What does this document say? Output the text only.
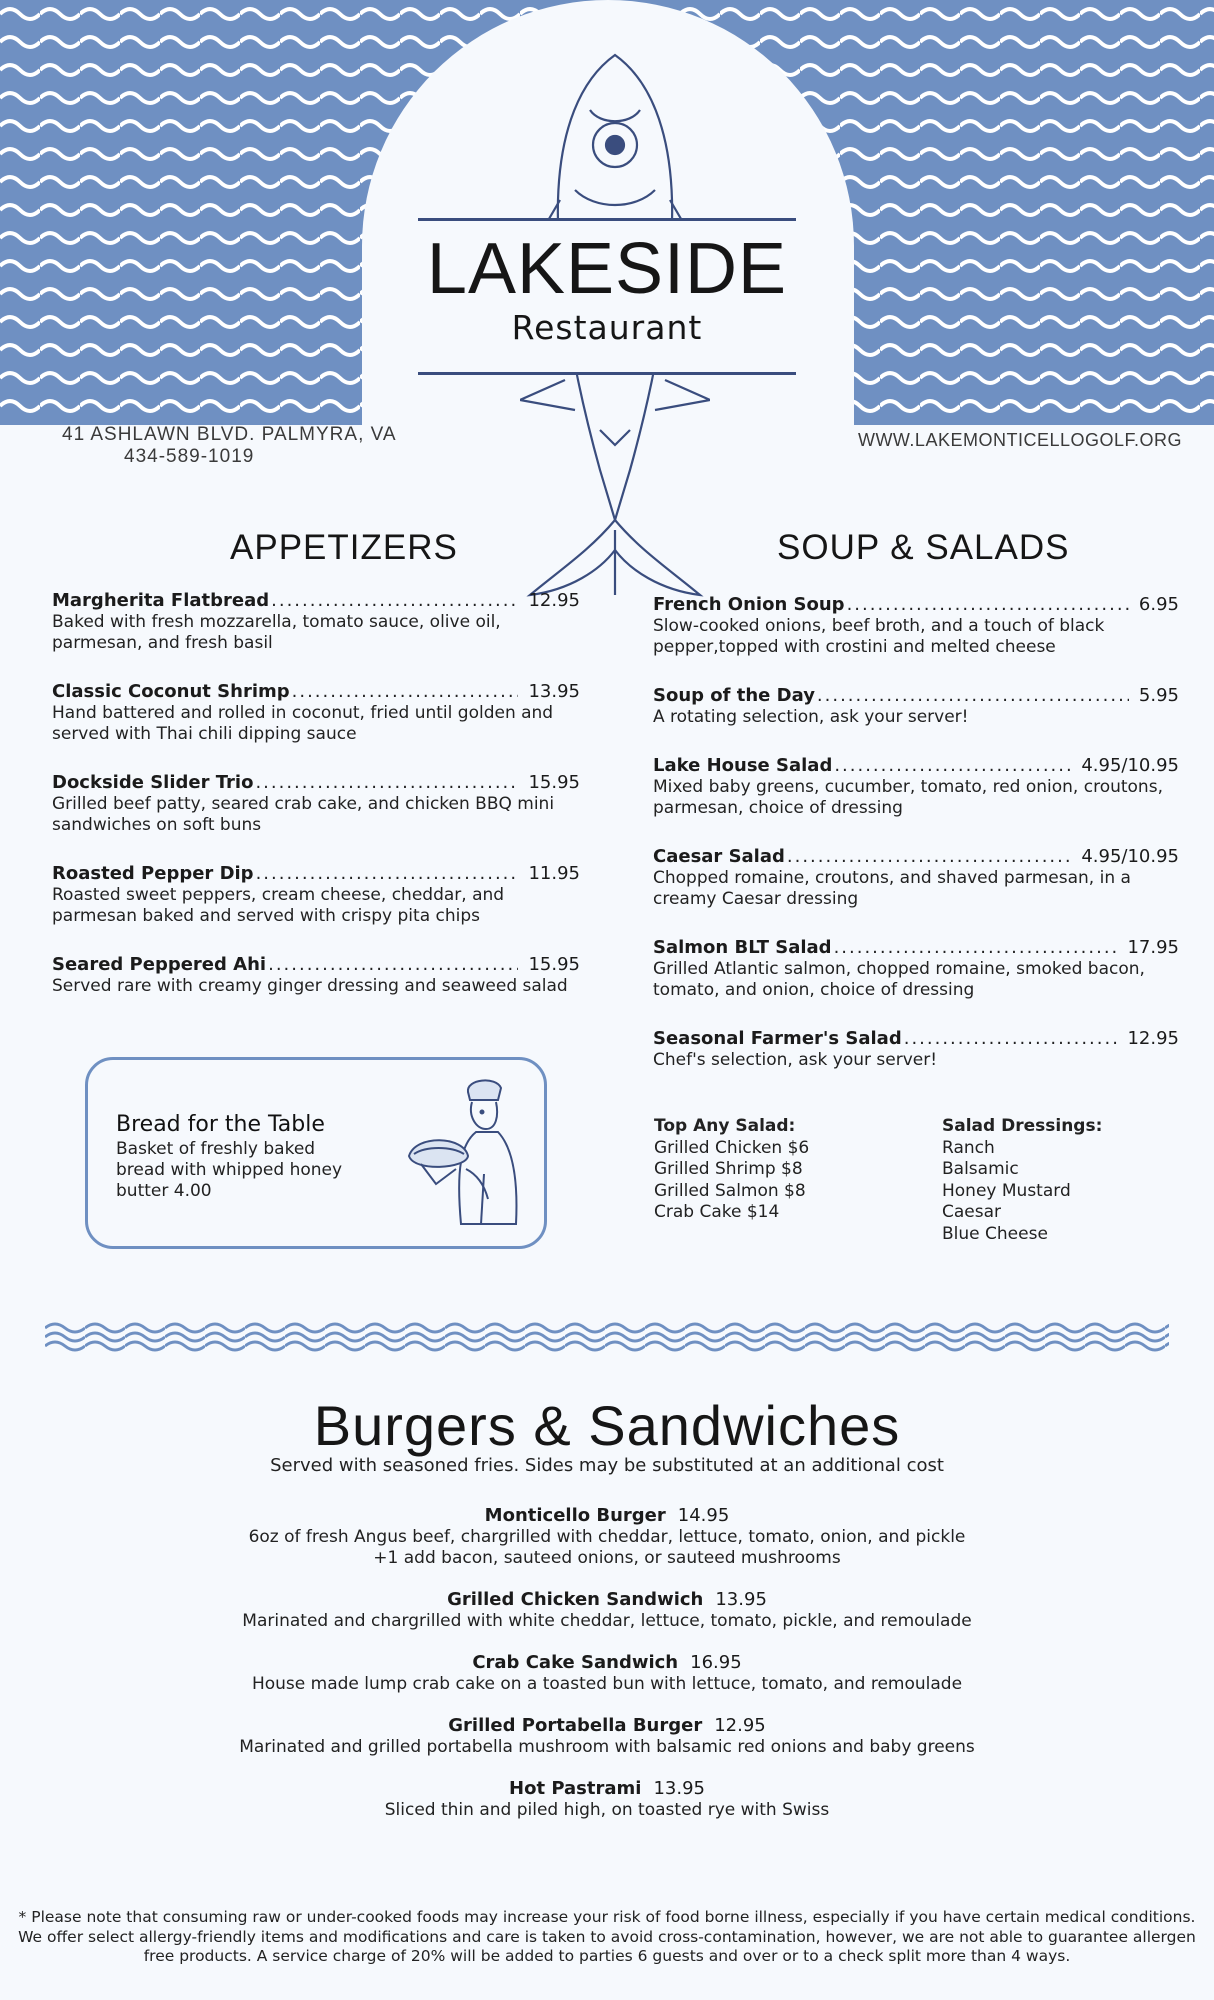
LAKESIDE
Restaurant
41 ASHLAWN BLVD. PALMYRA, VA
434-589-1019
WWW.LAKEMONTICELLOGOLF.ORG
APPETIZERS
Margherita Flatbread .....	12.95
Baked with fresh mozzarella, tomato sauce, olive oil, parmesan, and fresh basil
Classic Coconut Shrimp .....	13.95
Hand battered and rolled in coconut, fried until golden and served with Thai chili dipping sauce
Dockside Slider Trio .....	15.95
Grilled beef patty, seared crab cake, and chicken BBQ mini sandwiches on soft buns
Roasted Pepper Dip .....	11.95
Roasted sweet peppers, cream cheese, cheddar, and parmesan baked and served with crispy pita chips
Seared Peppered Ahi .....	15.95
Served rare with creamy ginger dressing and seaweed salad
Bread for the Table
Basket of freshly baked bread with whipped honey butter 4.00
SOUP & SALADS
French Onion Soup .....	6.95
Slow-cooked onions, beef broth, and a touch of black pepper,topped with crostini and melted cheese
Soup of the Day .....	5.95
A rotating selection, ask your server!
Lake House Salad .....	4.95/10.95
Mixed baby greens, cucumber, tomato, red onion, croutons, parmesan, choice of dressing
Caesar Salad .....	4.95/10.95
Chopped romaine, croutons, and shaved parmesan, in a creamy Caesar dressing
Salmon BLT Salad .....	17.95
Grilled Atlantic salmon, chopped romaine, smoked bacon, tomato, and onion, choice of dressing
Seasonal Farmer's Salad .....	12.95
Chef's selection, ask your server!
Top Any Salad:
Grilled Chicken $6
Grilled Shrimp $8
Grilled Salmon $8
Crab Cake $14
Salad Dressings:
Ranch
Balsamic
Honey Mustard
Caesar
Blue Cheese
Burgers & Sandwiches
Served with seasoned fries. Sides may be substituted at an additional cost
Monticello Burger 14.95
6oz of fresh Angus beef, chargrilled with cheddar, lettuce, tomato, onion, and pickle
+1 add bacon, sauteed onions, or sauteed mushrooms
Grilled Chicken Sandwich 13.95
Marinated and chargrilled with white cheddar, lettuce, tomato, pickle, and remoulade
Crab Cake Sandwich 16.95
House made lump crab cake on a toasted bun with lettuce, tomato, and remoulade
Grilled Portabella Burger 12.95
Marinated and grilled portabella mushroom with balsamic red onions and baby greens
Hot Pastrami 13.95
Sliced thin and piled high, on toasted rye with Swiss
* Please note that consuming raw or under-cooked foods may increase your risk of food borne illness, especially if you have certain medical conditions. We offer select allergy-friendly items and modifications and care is taken to avoid cross-contamination, however, we are not able to guarantee allergen free products. A service charge of 20% will be added to parties 6 guests and over or to a check split more than 4 ways.
